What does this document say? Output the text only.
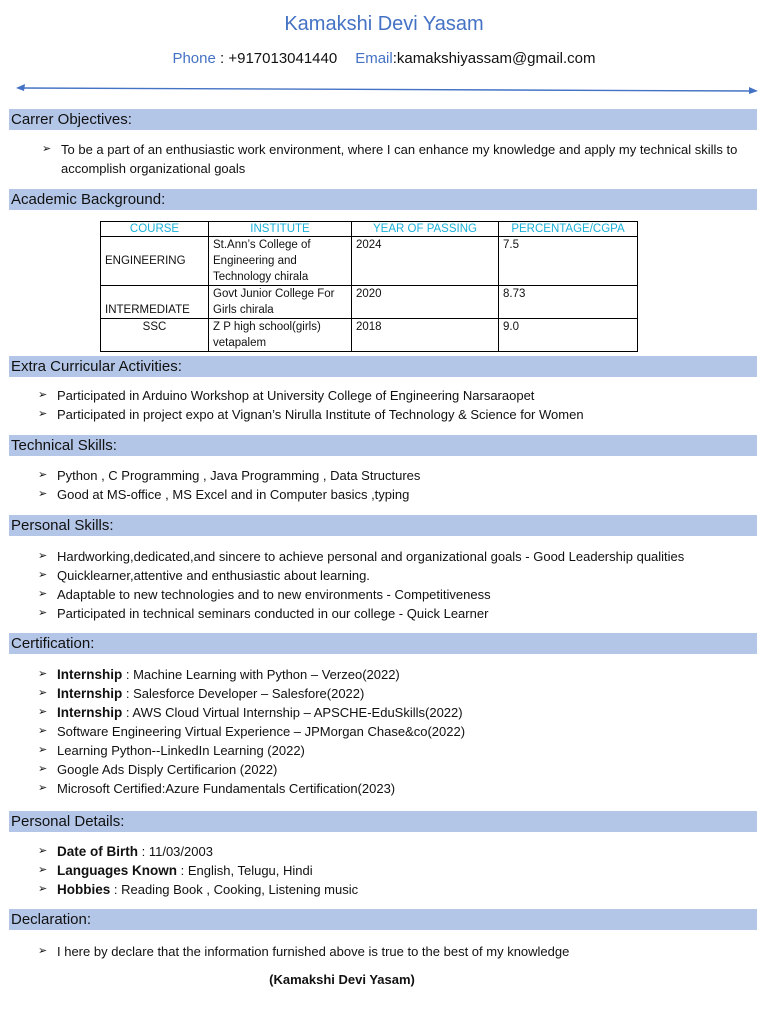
Kamakshi Devi Yasam
Phone : +917013041440 Email:kamakshiyassam@gmail.com
Carrer Objectives:
➢ To be a part of an enthusiastic work environment, where I can enhance my knowledge and apply my technical skills to accomplish organizational goals
Academic Background:
COURSE	INSTITUTE	YEAR OF PASSING	PERCENTAGE/CGPA
ENGINEERING	St.Ann’s College of Engineering and Technology chirala	2024	7.5
INTERMEDIATE	Govt Junior College For Girls chirala	2020	8.73
SSC	Z P high school(girls) vetapalem	2018	9.0
Extra Curricular Activities:
➢ Participated in Arduino Workshop at University College of Engineering Narsaraopet
➢ Participated in project expo at Vignan’s Nirulla Institute of Technology & Science for Women
Technical Skills:
➢ Python , C Programming , Java Programming , Data Structures
➢ Good at MS-office , MS Excel and in Computer basics ,typing
Personal Skills:
➢ Hardworking,dedicated,and sincere to achieve personal and organizational goals - Good Leadership qualities
➢ Quicklearner,attentive and enthusiastic about learning.
➢ Adaptable to new technologies and to new environments - Competitiveness
➢ Participated in technical seminars conducted in our college - Quick Learner
Certification:
➢ Internship : Machine Learning with Python – Verzeo(2022)
➢ Internship : Salesforce Developer – Salesfore(2022)
➢ Internship : AWS Cloud Virtual Internship – APSCHE-EduSkills(2022)
➢ Software Engineering Virtual Experience – JPMorgan Chase&co(2022)
➢ Learning Python--LinkedIn Learning (2022)
➢ Google Ads Disply Certificarion (2022)
➢ Microsoft Certified:Azure Fundamentals Certification(2023)
Personal Details:
➢ Date of Birth : 11/03/2003
➢ Languages Known : English, Telugu, Hindi
➢ Hobbies : Reading Book , Cooking, Listening music
Declaration:
➢ I here by declare that the information furnished above is true to the best of my knowledge
(Kamakshi Devi Yasam)
